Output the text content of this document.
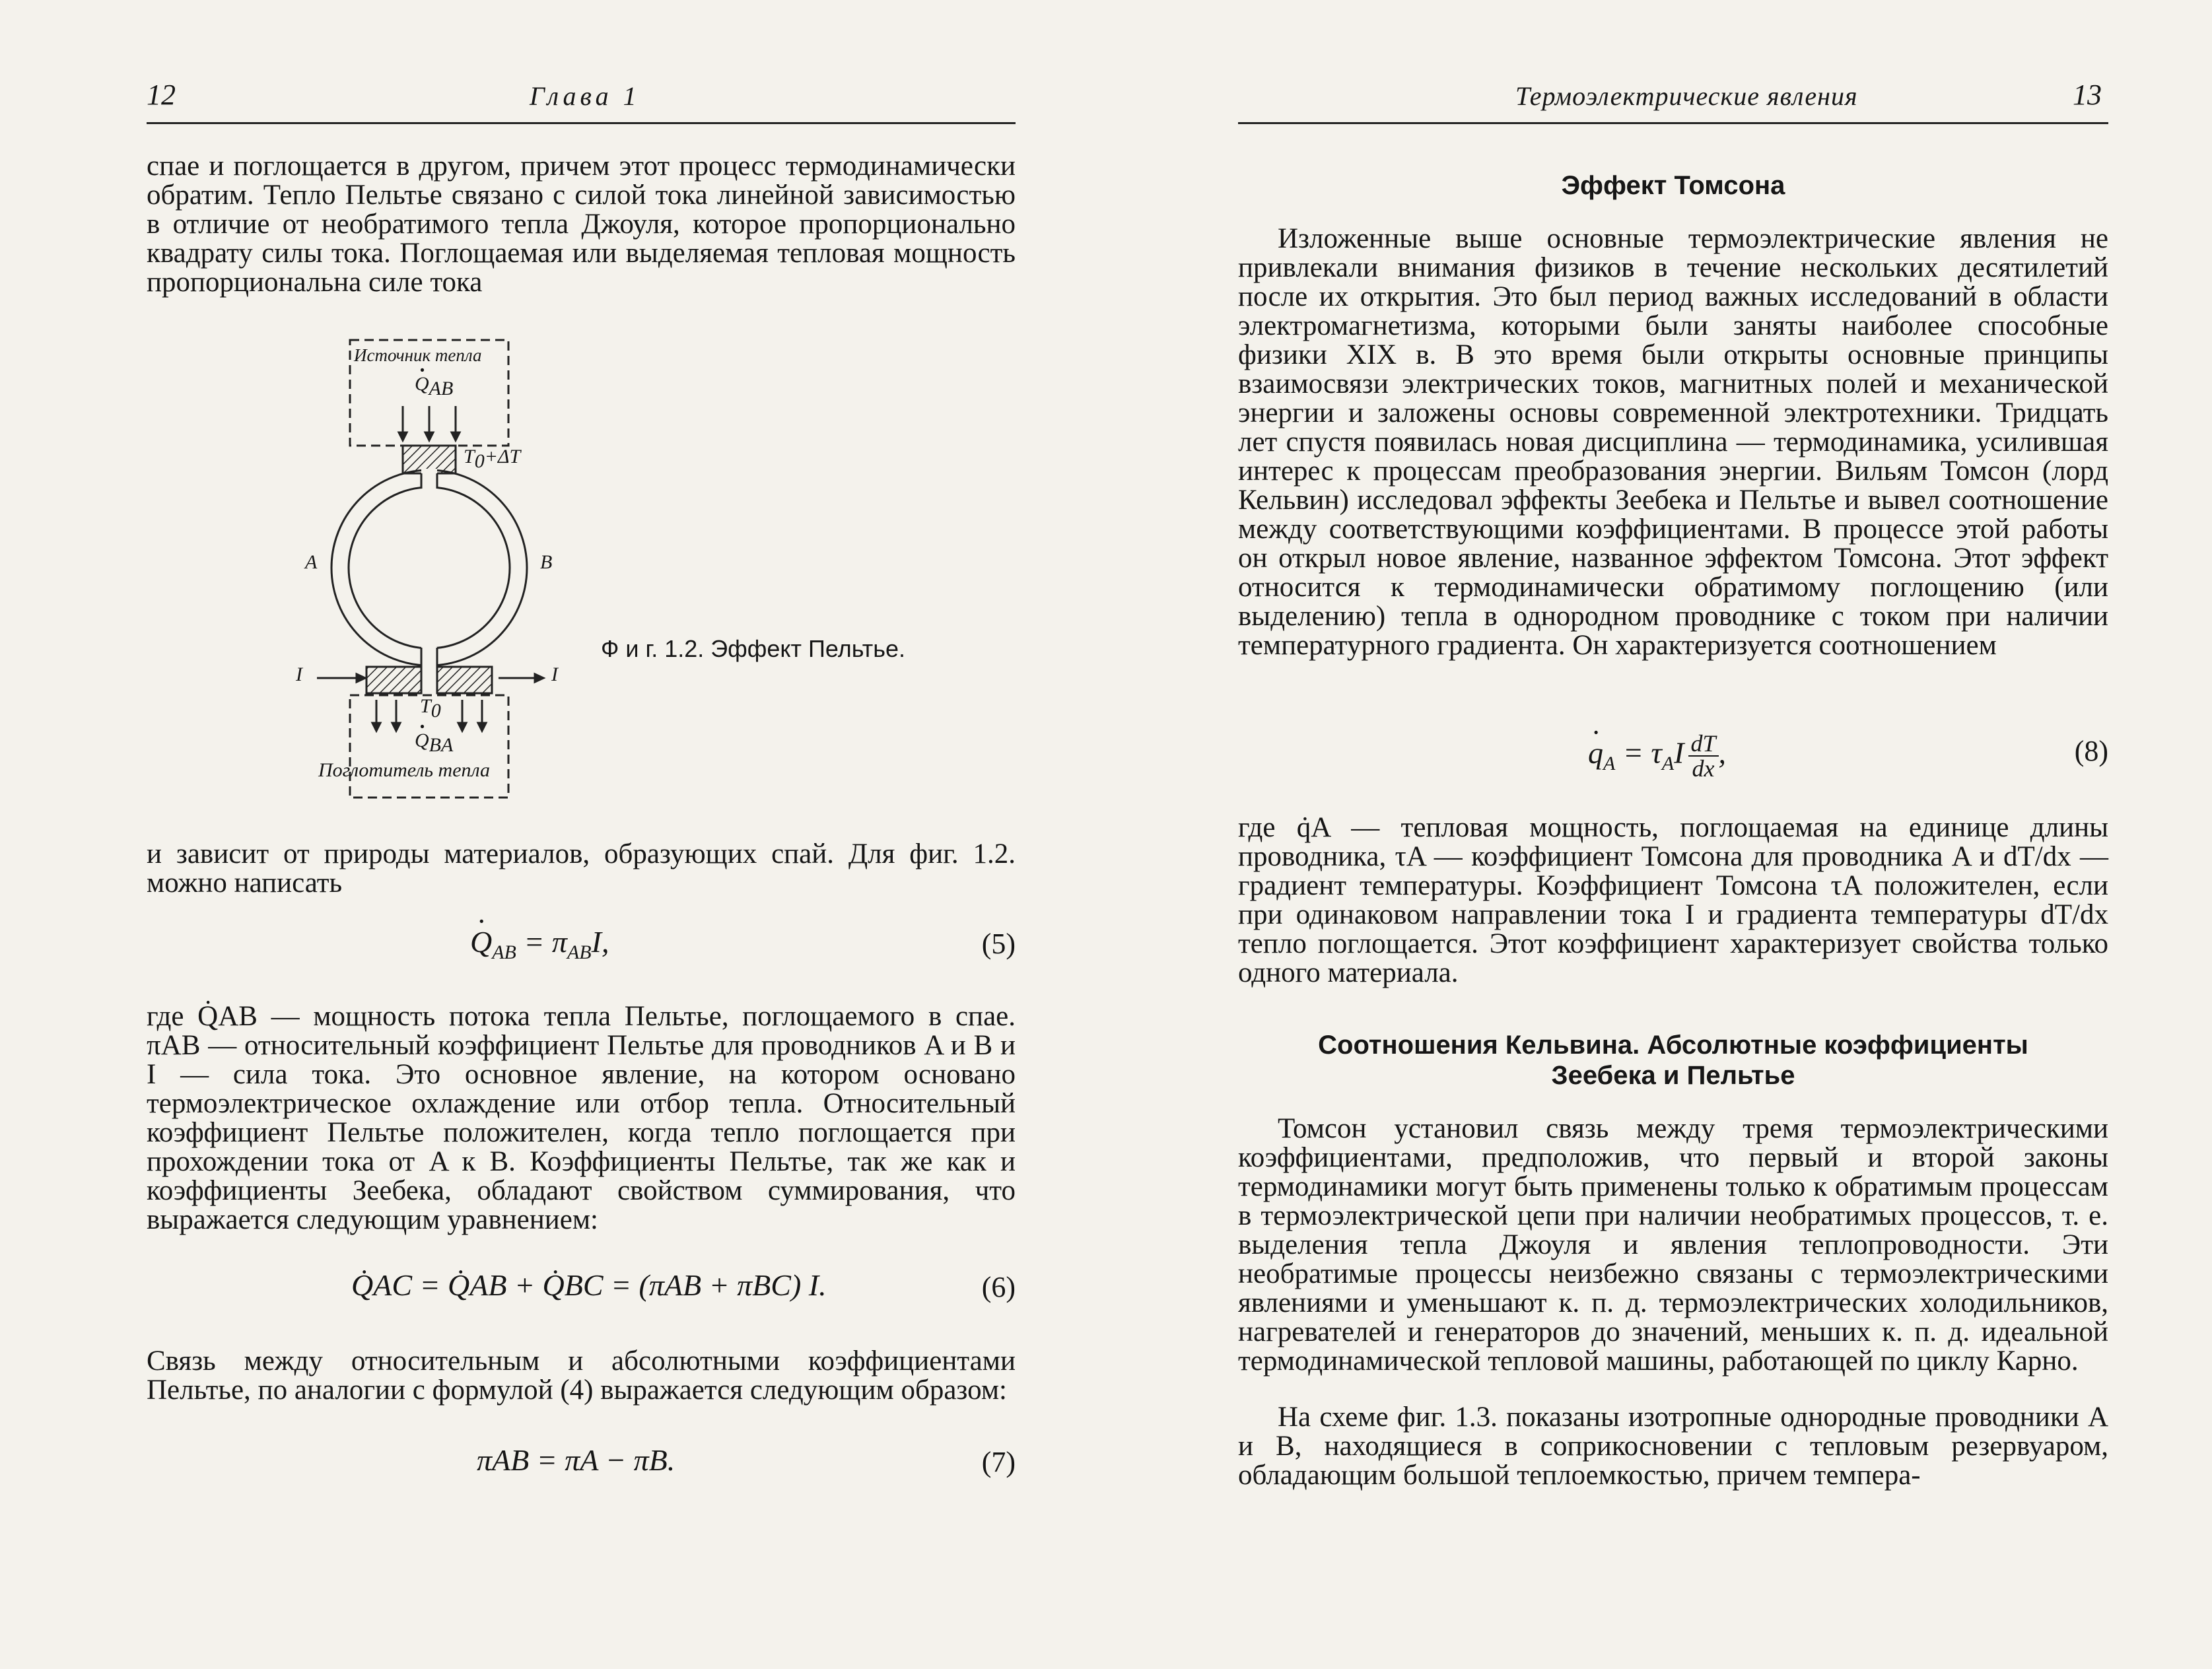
12	Глава 1
спае и поглощается в другом, причем этот процесс термодинамически обратим. Тепло Пельтье связано с силой тока линейной зависимостью в отличие от необратимого тепла Джоуля, которое пропорционально квадрату силы тока. Поглощаемая или выделяемая тепловая мощность пропорциональна силе тока
Источник тепла
· $Q_{AB}$
$T_0+\Delta T$
A	B
I	I
$T_0$
· $Q_{BA}$
Поглотитель тепла
Ф и г. 1.2. Эффект Пельтье.
и зависит от природы материалов, образующих спай. Для фиг. 1.2. можно написать
· $Q_{AB} = \pi_{AB}I$,	(5)
где Q̇AB — мощность потока тепла Пельтье, поглощаемого в спае. πAB — относительный коэффициент Пельтье для проводников A и B и I — сила тока. Это основное явление, на котором основано термоэлектрическое охлаждение или отбор тепла. Относительный коэффициент Пельтье положителен, когда тепло поглощается при прохождении тока от A к B. Коэффициенты Пельтье, так же как и коэффициенты Зеебека, обладают свойством суммирования, что выражается следующим уравнением:
Q̇AC = Q̇AB + Q̇BC = (πAB + πBC) I.	(6)
Связь между относительным и абсолютными коэффициентами Пельтье, по аналогии с формулой (4) выражается следующим образом:
πAB = πA − πB.	(7)
Термоэлектрические явления	13
Эффект Томсона
Изложенные выше основные термоэлектрические явления не привлекали внимания физиков в течение нескольких десятилетий после их открытия. Это был период важных исследований в области электромагнетизма, которыми были заняты наиболее способные физики XIX в. В это время были открыты основные принципы взаимосвязи электрических токов, магнитных полей и механической энергии и заложены основы современной электротехники. Тридцать лет спустя появилась новая дисциплина — термодинамика, усилившая интерес к процессам преобразования энергии. Вильям Томсон (лорд Кельвин) исследовал эффекты Зеебека и Пельтье и вывел соотношение между соответствующими коэффициентами. В процессе этой работы он открыл новое явление, названное эффектом Томсона. Этот эффект относится к термодинамически обратимому поглощению (или выделению) тепла в однородном проводнике с током при наличии температурного градиента. Он характеризуется соотношением
· $q_A = \tau_AI \frac{dT}{dx}$ ,	(8)
где q̇A — тепловая мощность, поглощаемая на единице длины проводника, τA — коэффициент Томсона для проводника A и dT/dx — градиент температуры. Коэффициент Томсона τA положителен, если при одинаковом направлении тока I и градиента температуры dT/dx тепло поглощается. Этот коэффициент характеризует свойства только одного материала.
Соотношения Кельвина. Абсолютные коэффициенты
Зеебека и Пельтье
Томсон установил связь между тремя термоэлектрическими коэффициентами, предположив, что первый и второй законы термодинамики могут быть применены только к обратимым процессам в термоэлектрической цепи при наличии необратимых процессов, т. е. выделения тепла Джоуля и явления теплопроводности. Эти необратимые процессы неизбежно связаны с термоэлектрическими явлениями и уменьшают к. п. д. термоэлектрических холодильников, нагревателей и генераторов до значений, меньших к. п. д. идеальной термодинамической тепловой машины, работающей по циклу Карно.
На схеме фиг. 1.3. показаны изотропные однородные проводники A и B, находящиеся в соприкосновении с тепловым резервуаром, обладающим большой теплоемкостью, причем темпера-
